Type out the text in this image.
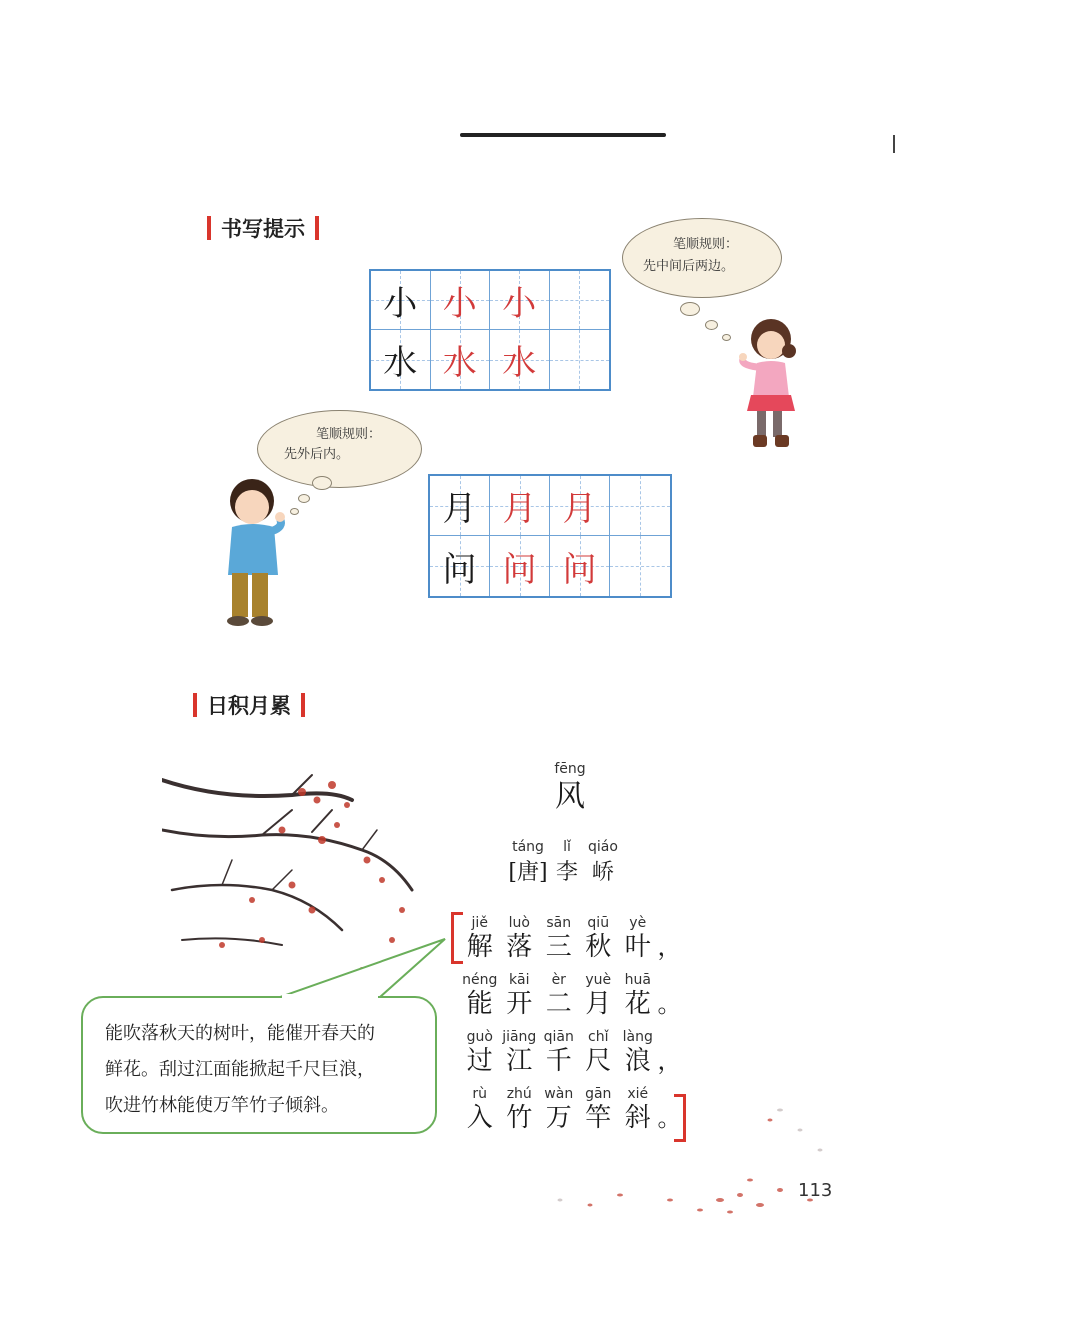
书写提示
小 小 小
水 水 水
笔顺规则：
先中间后两边。
笔顺规则：
先外后内。
月 月 月
问 问 问
日积月累
fēng
风
táng
[唐]
lǐ
李
qiáo
峤
jiě
解
luò
落
sān
三
qiū
秋
yè
叶 ，
néng
能
kāi
开
èr
二
yuè
月
huā
花 。
guò
过
jiāng
江
qiān
千
chǐ
尺
làng
浪 ，
rù
入
zhú
竹
wàn
万
gān
竿
xié
斜 。
能吹落秋天的树叶，能催开春天的
鲜花。刮过江面能掀起千尺巨浪，
吹进竹林能使万竿竹子倾斜。
113
